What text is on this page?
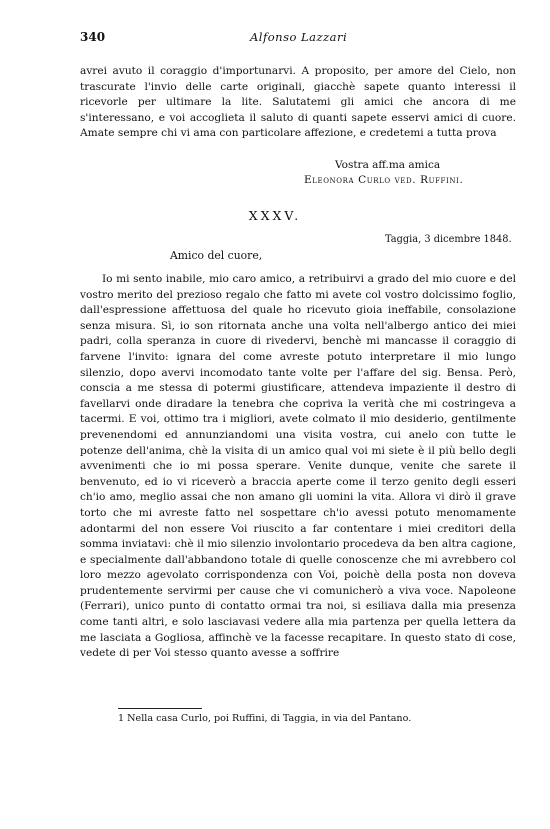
340	Alfonso Lazzari

avrei avuto il coraggio d'importunarvi. A proposito, per amore del Cielo, non trascurate l'invio delle carte originali, giacchè sapete quanto interessi il ricevorle per ultimare la lite. Salutatemi gli amici che ancora di me s'interessano, e voi accoglieta il saluto di quanti sapete esservi amici di cuore. Amate sempre chi vi ama con particolare affezione, e credetemi a tutta prova

Vostra aff.ma amica
Eleonora Curlo ved. Ruffini.
XXXV.
Taggia, 3 dicembre 1848.
Amico del cuore,

Io mi sento inabile, mio caro amico, a retribuirvi a grado del mio cuore e del vostro merito del prezioso regalo che fatto mi avete col vostro dolcissimo foglio, dall'espressione affettuosa del quale ho ricevuto gioia ineffabile, consolazione senza misura. Sì, io son ritornata anche una volta nell'albergo antico dei miei padri, colla speranza in cuore di rivedervi, benchè mi mancasse il coraggio di farvene l'invito: ignara del come avreste potuto interpretare il mio lungo silenzio, dopo avervi incomodato tante volte per l'affare del sig. Bensa. Però, conscia a me stessa di potermi giustificare, attendeva impaziente il destro di favellarvi onde diradare la tenebra che copriva la verità che mi costringeva a tacermi. E voi, ottimo tra i migliori, avete colmato il mio desiderio, gentilmente prevenendomi ed annunziandomi una visita vostra, cui anelo con tutte le potenze dell'anima, chè la visita di un amico qual voi mi siete è il più bello degli avvenimenti che io mi possa sperare. Venite dunque, venite che sarete il benvenuto, ed io vi riceverò a braccia aperte come il terzo genito degli esseri ch'io amo, meglio assai che non amano gli uomini la vita. Allora vi dirò il grave torto che mi avreste fatto nel sospettare ch'io avessi potuto menomamente adontarmi del non essere Voi riuscito a far contentare i miei creditori della somma inviatavi: chè il mio silenzio involontario procedeva da ben altra cagione, e specialmente dall'abbandono totale di quelle conoscenze che mi avrebbero col loro mezzo agevolato corrispondenza con Voi, poichè della posta non doveva prudentemente servirmi per cause che vi comunicherò a viva voce. Napoleone (Ferrari), unico punto di contatto ormai tra noi, si esiliava dalla mia presenza come tanti altri, e solo lasciavasi vedere alla mia partenza per quella lettera da me lasciata a Gogliosa, affinchè ve la facesse recapitare. In questo stato di cose, vedete di per Voi stesso quanto avesse a soffrire

1 Nella casa Curlo, poi Ruffini, di Taggia, in via del Pantano.
